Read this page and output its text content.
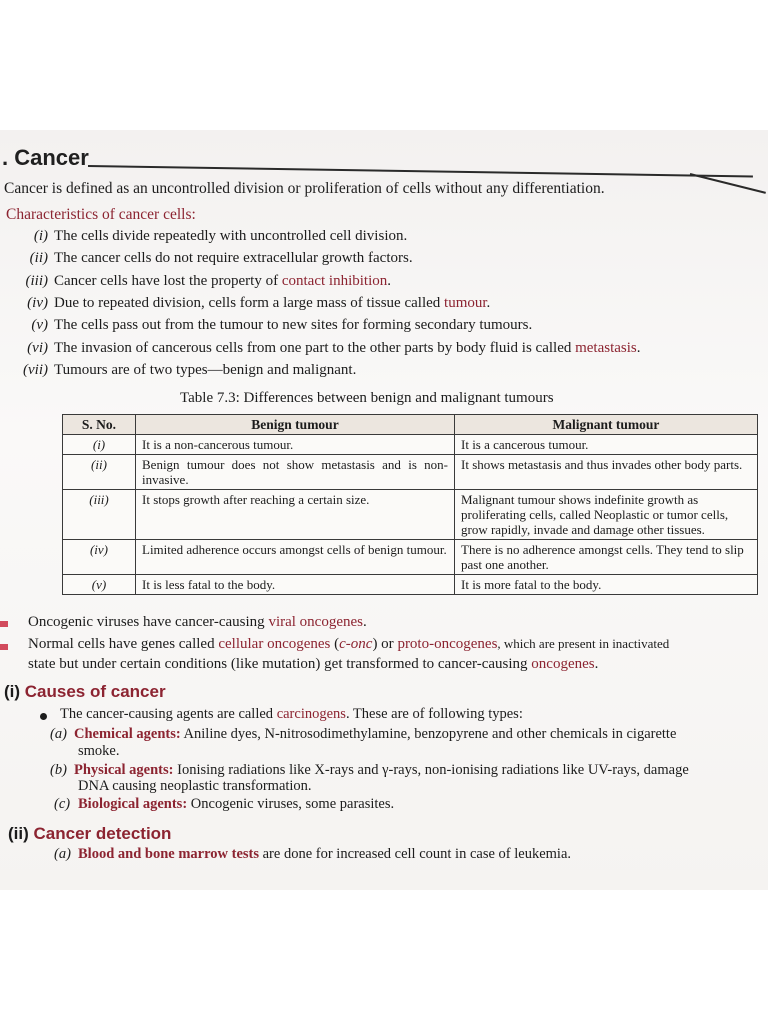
. Cancer
Cancer is defined as an uncontrolled division or proliferation of cells without any differentiation.
Characteristics of cancer cells:
(i) The cells divide repeatedly with uncontrolled cell division.
(ii) The cancer cells do not require extracellular growth factors.
(iii) Cancer cells have lost the property of contact inhibition.
(iv) Due to repeated division, cells form a large mass of tissue called tumour.
(v) The cells pass out from the tumour to new sites for forming secondary tumours.
(vi) The invasion of cancerous cells from one part to the other parts by body fluid is called metastasis.
(vii) Tumours are of two types—benign and malignant.
Table 7.3: Differences between benign and malignant tumours
S. No.	Benign tumour	Malignant tumour
(i)	It is a non-cancerous tumour.	It is a cancerous tumour.
(ii)	Benign tumour does not show metastasis and is non-invasive.	It shows metastasis and thus invades other body parts.
(iii)	It stops growth after reaching a certain size.	Malignant tumour shows indefinite growth as proliferating cells, called Neoplastic or tumor cells, grow rapidly, invade and damage other tissues.
(iv)	Limited adherence occurs amongst cells of benign tumour.	There is no adherence amongst cells. They tend to slip past one another.
(v)	It is less fatal to the body.	It is more fatal to the body.
Oncogenic viruses have cancer-causing viral oncogenes.
Normal cells have genes called cellular oncogenes (c-onc) or proto-oncogenes, which are present in inactivated
state but under certain conditions (like mutation) get transformed to cancer-causing oncogenes.
(i) Causes of cancer
The cancer-causing agents are called carcinogens. These are of following types:
(a) Chemical agents: Aniline dyes, N-nitrosodimethylamine, benzopyrene and other chemicals in cigarette
smoke.
(b) Physical agents: Ionising radiations like X-rays and γ-rays, non-ionising radiations like UV-rays, damage
DNA causing neoplastic transformation.
(c) Biological agents: Oncogenic viruses, some parasites.
(ii) Cancer detection
(a) Blood and bone marrow tests are done for increased cell count in case of leukemia.
